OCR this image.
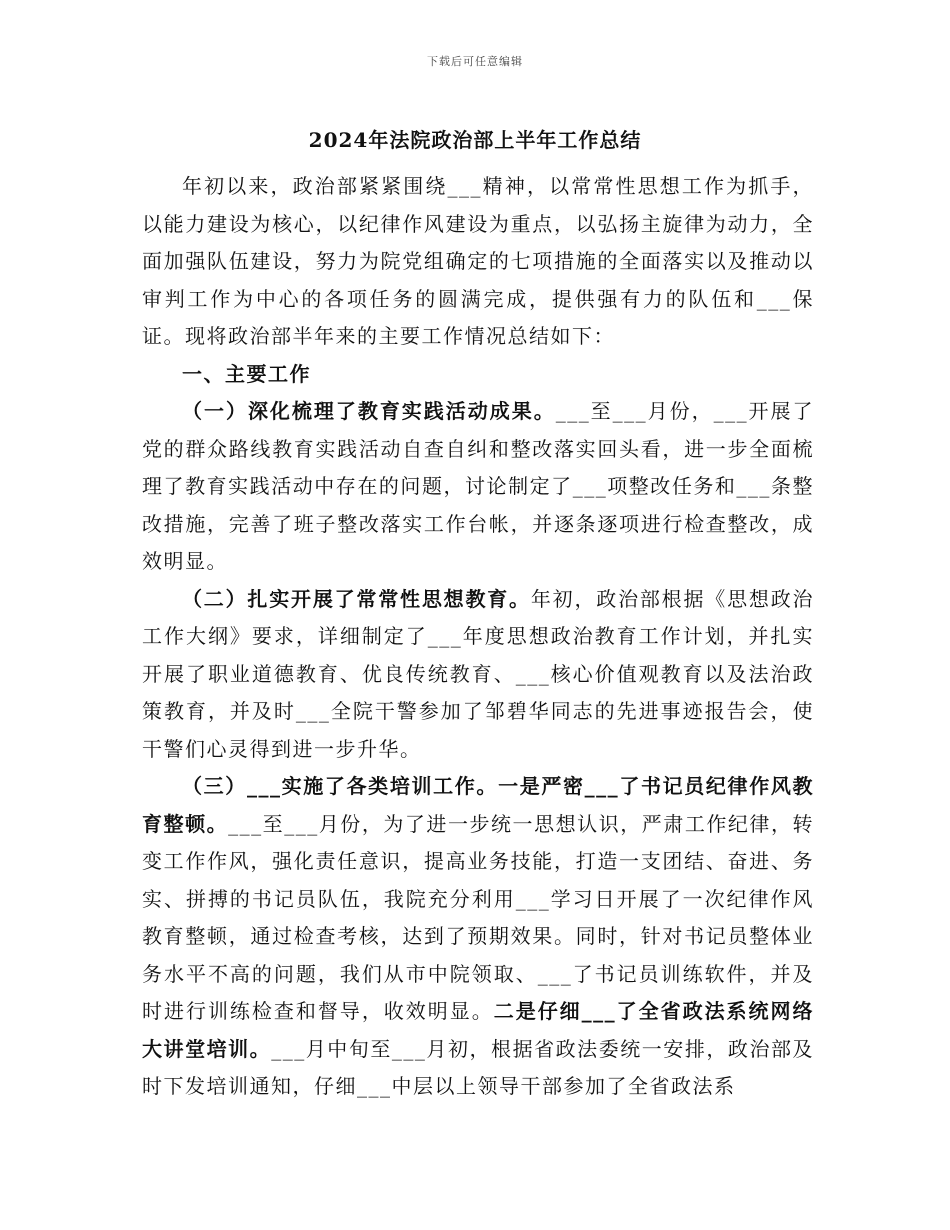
下载后可任意编辑
2024年法院政治部上半年工作总结

年初以来，政治部紧紧围绕___精神，以常常性思想工作为抓手，以能力建设为核心，以纪律作风建设为重点，以弘扬主旋律为动力，全面加强队伍建设，努力为院党组确定的七项措施的全面落实以及推动以审判工作为中心的各项任务的圆满完成，提供强有力的队伍和___保证。现将政治部半年来的主要工作情况总结如下：

一、主要工作

（一）深化梳理了教育实践活动成果。___至___月份，___开展了党的群众路线教育实践活动自查自纠和整改落实回头看，进一步全面梳理了教育实践活动中存在的问题，讨论制定了___项整改任务和___条整改措施，完善了班子整改落实工作台帐，并逐条逐项进行检查整改，成效明显。

（二）扎实开展了常常性思想教育。年初，政治部根据《思想政治工作大纲》要求，详细制定了___年度思想政治教育工作计划，并扎实开展了职业道德教育、优良传统教育、___核心价值观教育以及法治政策教育，并及时___全院干警参加了邹碧华同志的先进事迹报告会，使干警们心灵得到进一步升华。

（三）___实施了各类培训工作。一是严密___了书记员纪律作风教育整顿。___至___月份，为了进一步统一思想认识，严肃工作纪律，转变工作作风，强化责任意识，提高业务技能，打造一支团结、奋进、务实、拼搏的书记员队伍，我院充分利用___学习日开展了一次纪律作风教育整顿，通过检查考核，达到了预期效果。同时，针对书记员整体业务水平不高的问题，我们从市中院领取、___了书记员训练软件，并及时进行训练检查和督导，收效明显。二是仔细___了全省政法系统网络大讲堂培训。___月中旬至___月初，根据省政法委统一安排，政治部及时下发培训通知，仔细___中层以上领导干部参加了全省政法系
